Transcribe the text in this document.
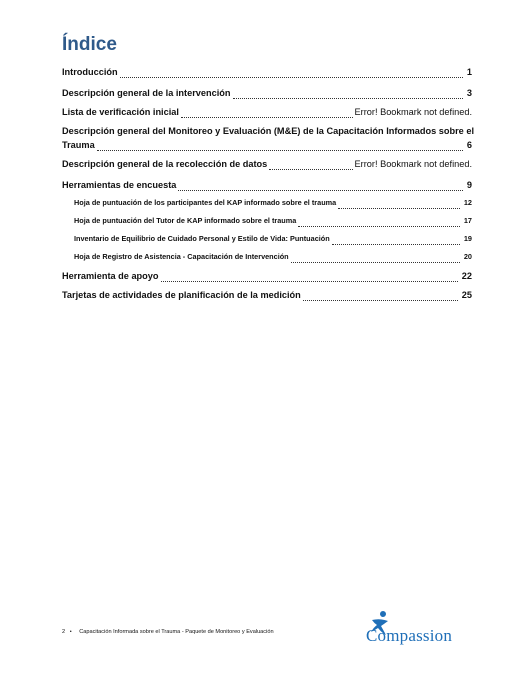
Índice
Introducción	1
Descripción general de la intervención	3
Lista de verificación inicial	Error! Bookmark not defined.
Descripción general del Monitoreo y Evaluación (M&E) de la Capacitación Informados sobre el
Trauma	6
Descripción general de la recolección de datos	Error! Bookmark not defined.
Herramientas de encuesta	9
Hoja de puntuación de los participantes del KAP informado sobre el trauma	12
Hoja de puntuación del Tutor de KAP informado sobre el trauma	17
Inventario de Equilibrio de Cuidado Personal y Estilo de Vida: Puntuación	19
Hoja de Registro de Asistencia - Capacitación de Intervención	20
Herramienta de apoyo	22
Tarjetas de actividades de planificación de la medición	25
2 • Capacitación Informada sobre el Trauma - Paquete de Monitoreo y Evaluación	Compassion
